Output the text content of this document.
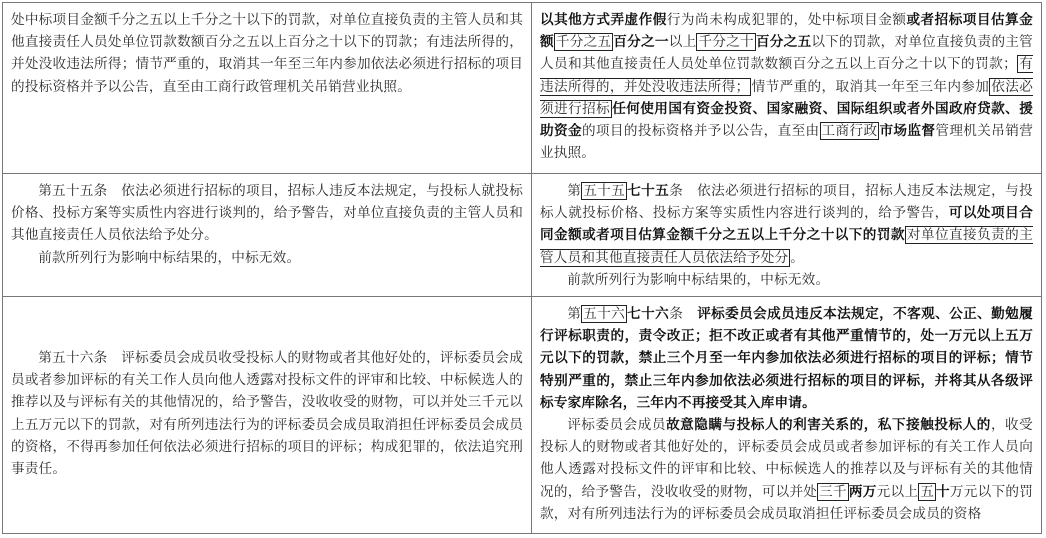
处中标项目金额千分之五以上千分之十以下的罚款，对单位直接负责的主管人员和其他直接责任人员处单位罚款数额百分之五以上百分之十以下的罚款；有违法所得的，并处没收违法所得；情节严重的，取消其一年至三年内参加依法必须进行招标的项目的投标资格并予以公告，直至由工商行政管理机关吊销营业执照。

以其他方式弄虚作假行为尚未构成犯罪的，处中标项目金额或者招标项目估算金额 千分之五 百分之一以上 千分之十 百分之五以下的罚款，对单位直接负责的主管人员和其他直接责任人员处单位罚款数额百分之五以上百分之十以下的罚款； 有违法所得的，并处没收违法所得； 情节严重的，取消其一年至三年内参加 依法必须进行招标 任何使用国有资金投资、国家融资、国际组织或者外国政府贷款、援助资金的项目的投标资格并予以公告，直至由 工商行政 市场监督管理机关吊销营业执照。

第五十五条　依法必须进行招标的项目，招标人违反本法规定，与投标人就投标价格、投标方案等实质性内容进行谈判的，给予警告，对单位直接负责的主管人员和其他直接责任人员依法给予处分。

前款所列行为影响中标结果的，中标无效。

第 五十五 七十五条　依法必须进行招标的项目，招标人违反本法规定，与投标人就投标价格、投标方案等实质性内容进行谈判的，给予警告，可以处项目合同金额或者项目估算金额千分之五以上千分之十以下的罚款 对单位直接负责的主管人员和其他直接责任人员依法给予处分 。

前款所列行为影响中标结果的，中标无效。

第五十六条　评标委员会成员收受投标人的财物或者其他好处的，评标委员会成员或者参加评标的有关工作人员向他人透露对投标文件的评审和比较、中标候选人的推荐以及与评标有关的其他情况的，给予警告，没收收受的财物，可以并处三千元以上五万元以下的罚款，对有所列违法行为的评标委员会成员取消担任评标委员会成员的资格，不得再参加任何依法必须进行招标的项目的评标；构成犯罪的，依法追究刑事责任。

第 五十六 七十六条　评标委员会成员违反本法规定，不客观、公正、勤勉履行评标职责的，责令改正；拒不改正或者有其他严重情节的，处一万元以上五万元以下的罚款，禁止三个月至一年内参加依法必须进行招标的项目的评标；情节特别严重的，禁止三年内参加依法必须进行招标的项目的评标，并将其从各级评标专家库除名，三年内不再接受其入库申请。

评标委员会成员故意隐瞒与投标人的利害关系的，私下接触投标人的，收受投标人的财物或者其他好处的，评标委员会成员或者参加评标的有关工作人员向他人透露对投标文件的评审和比较、中标候选人的推荐以及与评标有关的其他情况的，给予警告，没收收受的财物，可以并处 三千 两万元以上 五 十万元以下的罚款，对有所列违法行为的评标委员会成员取消担任评标委员会成员的资格
